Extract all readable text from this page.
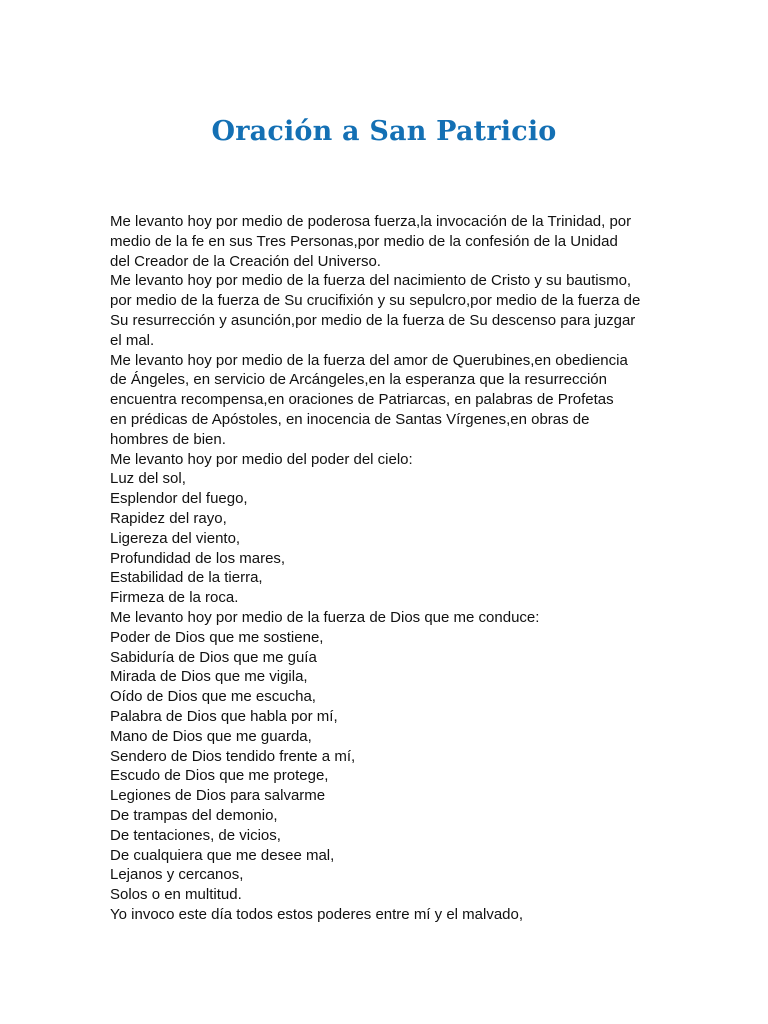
Oración a San Patricio
Me levanto hoy por medio de poderosa fuerza,la invocación de la Trinidad, por
medio de la fe en sus Tres Personas,por medio de la confesión de la Unidad
del Creador de la Creación del Universo.
Me levanto hoy por medio de la fuerza del nacimiento de Cristo y su bautismo,
por medio de la fuerza de Su crucifixión y su sepulcro,por medio de la fuerza de
Su resurrección y asunción,por medio de la fuerza de Su descenso para juzgar
el mal.
Me levanto hoy por medio de la fuerza del amor de Querubines,en obediencia
de Ángeles, en servicio de Arcángeles,en la esperanza que la resurrección
encuentra recompensa,en oraciones de Patriarcas, en palabras de Profetas
en prédicas de Apóstoles, en inocencia de Santas Vírgenes,en obras de
hombres de bien.
Me levanto hoy por medio del poder del cielo:
Luz del sol,
Esplendor del fuego,
Rapidez del rayo,
Ligereza del viento,
Profundidad de los mares,
Estabilidad de la tierra,
Firmeza de la roca.
Me levanto hoy por medio de la fuerza de Dios que me conduce:
Poder de Dios que me sostiene,
Sabiduría de Dios que me guía
Mirada de Dios que me vigila,
Oído de Dios que me escucha,
Palabra de Dios que habla por mí,
Mano de Dios que me guarda,
Sendero de Dios tendido frente a mí,
Escudo de Dios que me protege,
Legiones de Dios para salvarme
De trampas del demonio,
De tentaciones, de vicios,
De cualquiera que me desee mal,
Lejanos y cercanos,
Solos o en multitud.
Yo invoco este día todos estos poderes entre mí y el malvado,
